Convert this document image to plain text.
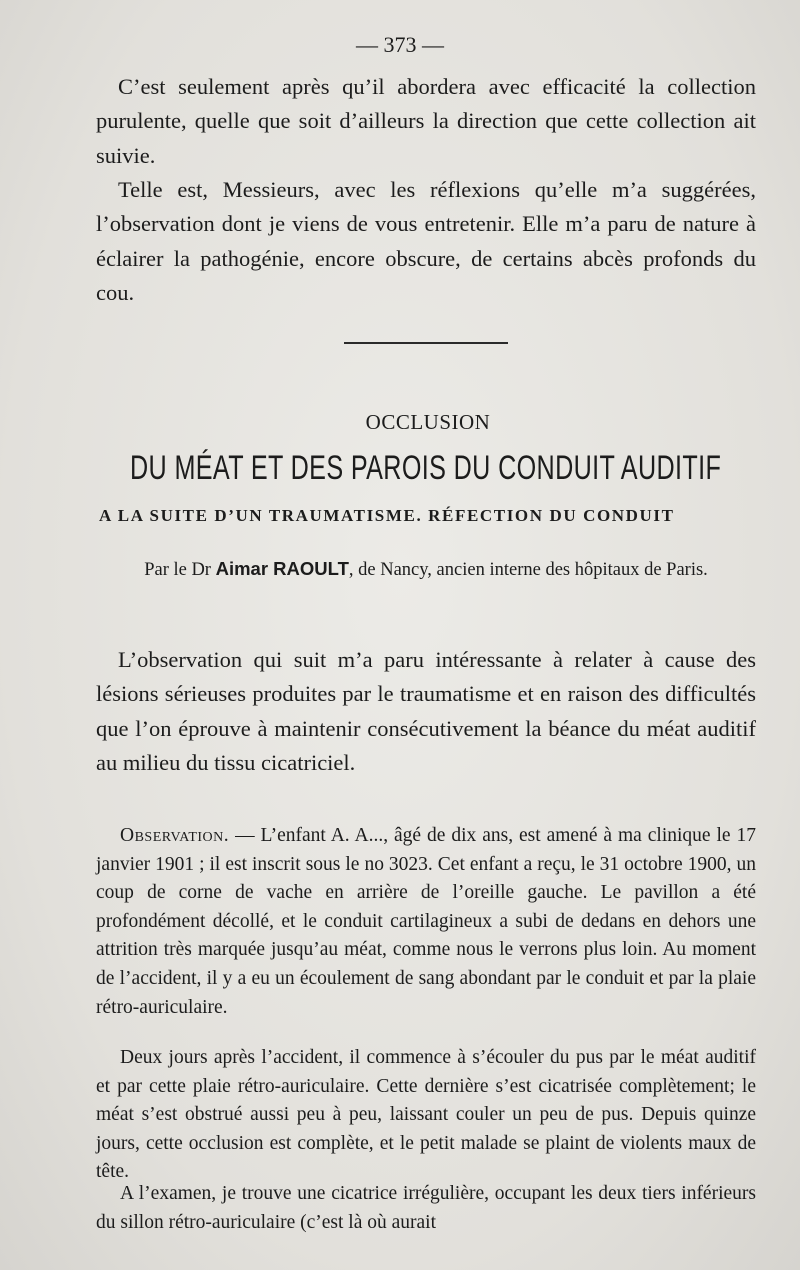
— 373 —

C’est seulement après qu’il abordera avec efficacité la collection purulente, quelle que soit d’ailleurs la direction que cette collection ait suivie.

Telle est, Messieurs, avec les réflexions qu’elle m’a suggérées, l’observation dont je viens de vous entretenir. Elle m’a paru de nature à éclairer la pathogénie, encore obscure, de certains abcès profonds du cou.

OCCLUSION
DU MÉAT ET DES PAROIS DU CONDUIT AUDITIF
A LA SUITE D’UN TRAUMATISME. RÉFECTION DU CONDUIT
Par le Dr Aimar RAOULT, de Nancy, ancien interne des hôpitaux de Paris.

L’observation qui suit m’a paru intéressante à relater à cause des lésions sérieuses produites par le traumatisme et en raison des difficultés que l’on éprouve à maintenir consécutivement la béance du méat auditif au milieu du tissu cicatriciel.

Observation. — L’enfant A. A..., âgé de dix ans, est amené à ma clinique le 17 janvier 1901 ; il est inscrit sous le no 3023. Cet enfant a reçu, le 31 octobre 1900, un coup de corne de vache en arrière de l’oreille gauche. Le pavillon a été profondément décollé, et le conduit cartilagineux a subi de dedans en dehors une attrition très marquée jusqu’au méat, comme nous le verrons plus loin. Au moment de l’accident, il y a eu un écoulement de sang abondant par le conduit et par la plaie rétro-auriculaire.

Deux jours après l’accident, il commence à s’écouler du pus par le méat auditif et par cette plaie rétro-auriculaire. Cette dernière s’est cicatrisée complètement; le méat s’est obstrué aussi peu à peu, laissant couler un peu de pus. Depuis quinze jours, cette occlusion est complète, et le petit malade se plaint de violents maux de tête.

A l’examen, je trouve une cicatrice irrégulière, occupant les deux tiers inférieurs du sillon rétro-auriculaire (c’est là où aurait
